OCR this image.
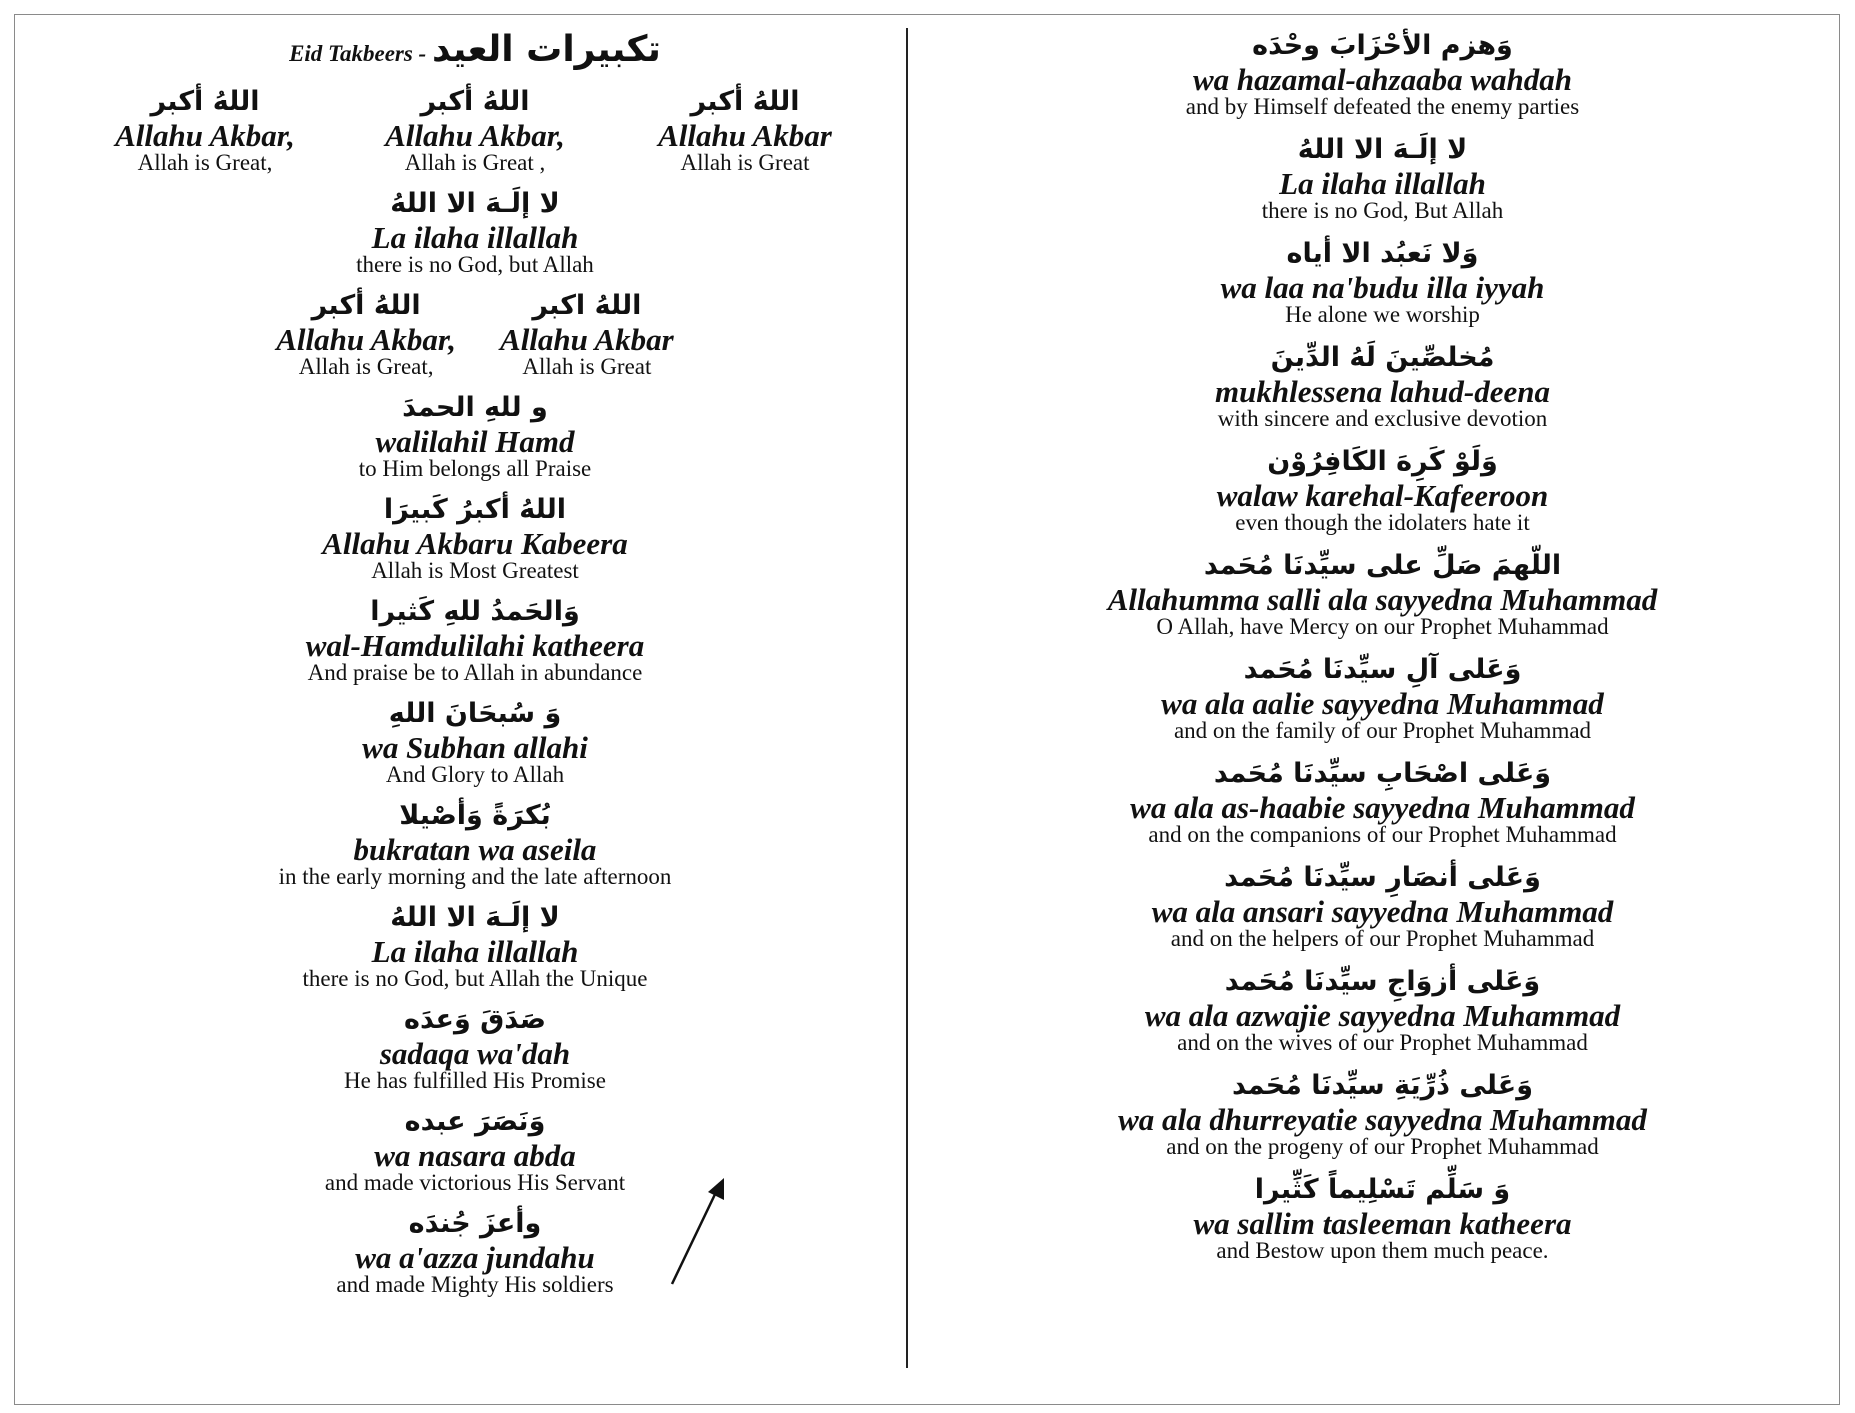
Eid Takbeers - تكبيرات العيد
اللهُ أكبر
Allahu Akbar,
Allah is Great,
اللهُ أكبر
Allahu Akbar,
Allah is Great ,
اللهُ أكبر
Allahu Akbar
Allah is Great
لا إلَـهَ الا اللهُ
La ilaha illallah
there is no God, but Allah
اللهُ أكبر
Allahu Akbar,
Allah is Great,
اللهُ اكبر
Allahu Akbar
Allah is Great
و للهِ الحمدَ
walilahil Hamd
to Him belongs all Praise
اللهُ أكبرُ كَبيرَا
Allahu Akbaru Kabeera
Allah is Most Greatest
وَالحَمدُ للهِ كَثيرا
wal-Hamdulilahi katheera
And praise be to Allah in abundance
وَ سُبحَانَ اللهِ
wa Subhan allahi
And Glory to Allah
بُكرَةً وَأصْيلا
bukratan wa aseila
in the early morning and the late afternoon
لا إلَـهَ الا اللهُ
La ilaha illallah
there is no God, but Allah the Unique
صَدَقَ وَعدَه
sadaqa wa'dah
He has fulfilled His Promise
وَنَصَرَ عبده
wa nasara abda
and made victorious His Servant
وأعزَ جُندَه
wa a'azza jundahu
and made Mighty His soldiers
وَهزم الأحْزَابَ وحْدَه
wa hazamal-ahzaaba wahdah
and by Himself defeated the enemy parties
لا إلَـهَ الا اللهُ
La ilaha illallah
there is no God, But Allah
وَلا نَعبُد الا أياه
wa laa na'budu illa iyyah
He alone we worship
مُخلصِّينَ لَهُ الدِّينَ
mukhlessena lahud-deena
with sincere and exclusive devotion
وَلَوْ كَرِهَ الكَافِرُوْن
walaw karehal-Kafeeroon
even though the idolaters hate it
اللّهمَ صَلِّ على سيِّدنَا مُحَمد
Allahumma salli ala sayyedna Muhammad
O Allah, have Mercy on our Prophet Muhammad
وَعَلى آلِ سيِّدنَا مُحَمد
wa ala aalie sayyedna Muhammad
and on the family of our Prophet Muhammad
وَعَلى اصْحَابِ سيِّدنَا مُحَمد
wa ala as-haabie sayyedna Muhammad
and on the companions of our Prophet Muhammad
وَعَلى أنصَارِ سيِّدنَا مُحَمد
wa ala ansari sayyedna Muhammad
and on the helpers of our Prophet Muhammad
وَعَلى أزوَاجِ سيِّدنَا مُحَمد
wa ala azwajie sayyedna Muhammad
and on the wives of our Prophet Muhammad
وَعَلى ذُرِّيَةِ سيِّدنَا مُحَمد
wa ala dhurreyatie sayyedna Muhammad
and on the progeny of our Prophet Muhammad
وَ سَلِّم تَسْلِيماً كَثِّيرا
wa sallim tasleeman katheera
and Bestow upon them much peace.
